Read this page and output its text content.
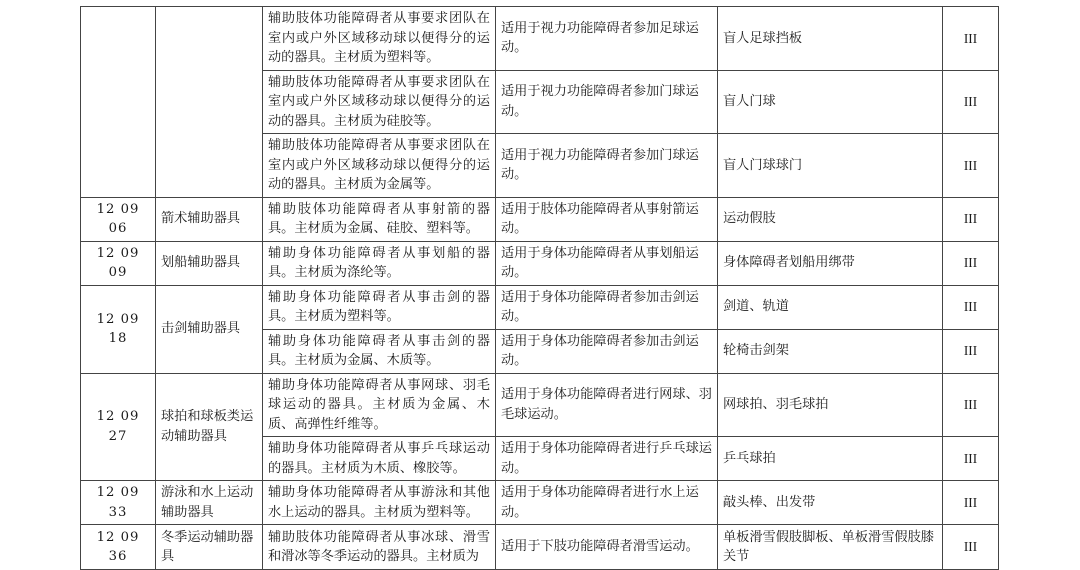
		辅助肢体功能障碍者从事要求团队在室内或户外区域移动球以便得分的运动的器具。主材质为塑料等。	适用于视力功能障碍者参加足球运动。	盲人足球挡板	III
		辅助肢体功能障碍者从事要求团队在室内或户外区域移动球以便得分的运动的器具。主材质为硅胶等。	适用于视力功能障碍者参加门球运动。	盲人门球	III
		辅助肢体功能障碍者从事要求团队在室内或户外区域移动球以便得分的运动的器具。主材质为金属等。	适用于视力功能障碍者参加门球运动。	盲人门球球门	III
12 09 06	箭术辅助器具	辅助肢体功能障碍者从事射箭的器具。主材质为金属、硅胶、塑料等。	适用于肢体功能障碍者从事射箭运动。	运动假肢	III
12 09 09	划船辅助器具	辅助身体功能障碍者从事划船的器具。主材质为涤纶等。	适用于身体功能障碍者从事划船运动。	身体障碍者划船用绑带	III
12 09 18	击剑辅助器具	辅助身体功能障碍者从事击剑的器具。主材质为塑料等。	适用于身体功能障碍者参加击剑运动。	剑道、轨道	III
		辅助身体功能障碍者从事击剑的器具。主材质为金属、木质等。	适用于身体功能障碍者参加击剑运动。	轮椅击剑架	III
12 09 27	球拍和球板类运动辅助器具	辅助身体功能障碍者从事网球、羽毛球运动的器具。主材质为金属、木质、高弹性纤维等。	适用于身体功能障碍者进行网球、羽毛球运动。	网球拍、羽毛球拍	III
		辅助身体功能障碍者从事乒乓球运动的器具。主材质为木质、橡胶等。	适用于身体功能障碍者进行乒乓球运动。	乒乓球拍	III
12 09 33	游泳和水上运动辅助器具	辅助身体功能障碍者从事游泳和其他水上运动的器具。主材质为塑料等。	适用于身体功能障碍者进行水上运动。	敲头棒、出发带	III
12 09 36	冬季运动辅助器具	辅助肢体功能障碍者从事冰球、滑雪和滑冰等冬季运动的器具。主材质为	适用于下肢功能障碍者滑雪运动。	单板滑雪假肢脚板、单板滑雪假肢膝关节	III
